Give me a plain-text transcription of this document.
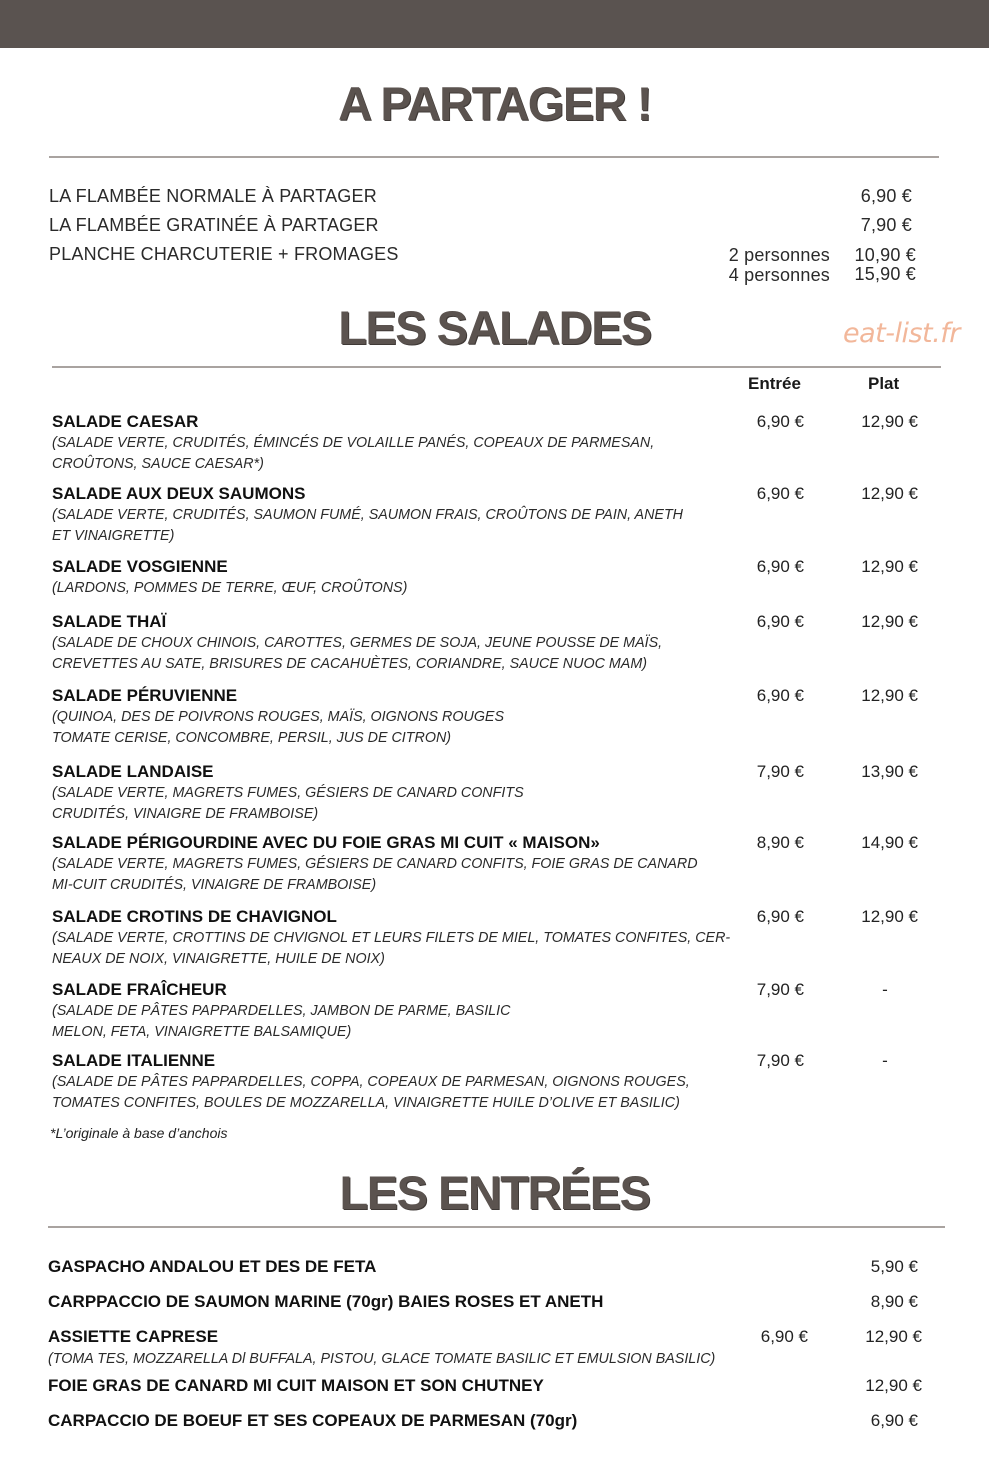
A PARTAGER !
LA FLAMBÉE NORMALE À PARTAGER	6,90 €
LA FLAMBÉE GRATINÉE À PARTAGER	7,90 €
PLANCHE CHARCUTERIE + FROMAGES	2 personnes	10,90 €
4 personnes	15,90 €
LES SALADES	eat-list.fr
Entrée	Plat
SALADE CAESAR
(SALADE VERTE, CRUDITÉS, ÉMINCÉS DE VOLAILLE PANÉS, COPEAUX DE PARMESAN,
CROÛTONS, SAUCE CAESAR*)
6,90 €	12,90 €
SALADE AUX DEUX SAUMONS
(SALADE VERTE, CRUDITÉS, SAUMON FUMÉ, SAUMON FRAIS, CROÛTONS DE PAIN, ANETH
ET VINAIGRETTE)
6,90 €	12,90 €
SALADE VOSGIENNE
(LARDONS, POMMES DE TERRE, ŒUF, CROÛTONS)
6,90 €	12,90 €
SALADE THAÏ
(SALADE DE CHOUX CHINOIS, CAROTTES, GERMES DE SOJA, JEUNE POUSSE DE MAÏS,
CREVETTES AU SATE, BRISURES DE CACAHUÈTES, CORIANDRE, SAUCE NUOC MAM)
6,90 €	12,90 €
SALADE PÉRUVIENNE
(QUINOA, DES DE POIVRONS ROUGES, MAÏS, OIGNONS ROUGES
TOMATE CERISE, CONCOMBRE, PERSIL, JUS DE CITRON)
6,90 €	12,90 €
SALADE LANDAISE
(SALADE VERTE, MAGRETS FUMES, GÉSIERS DE CANARD CONFITS
CRUDITÉS, VINAIGRE DE FRAMBOISE)
7,90 €	13,90 €
SALADE PÉRIGOURDINE AVEC DU FOIE GRAS MI CUIT « MAISON»
(SALADE VERTE, MAGRETS FUMES, GÉSIERS DE CANARD CONFITS, FOIE GRAS DE CANARD
MI-CUIT CRUDITÉS, VINAIGRE DE FRAMBOISE)
8,90 €	14,90 €
SALADE CROTINS DE CHAVIGNOL
(SALADE VERTE, CROTTINS DE CHVIGNOL ET LEURS FILETS DE MIEL, TOMATES CONFITES, CER-
NEAUX DE NOIX, VINAIGRETTE, HUILE DE NOIX)
6,90 €	12,90 €
SALADE FRAÎCHEUR
(SALADE DE PÂTES PAPPARDELLES, JAMBON DE PARME, BASILIC
MELON, FETA, VINAIGRETTE BALSAMIQUE)
7,90 €	-
SALADE ITALIENNE
(SALADE DE PÂTES PAPPARDELLES, COPPA, COPEAUX DE PARMESAN, OIGNONS ROUGES,
TOMATES CONFITES, BOULES DE MOZZARELLA, VINAIGRETTE HUILE D’OLIVE ET BASILIC)
7,90 €	-
*L’originale à base d’anchois
LES ENTRÉES
GASPACHO ANDALOU ET DES DE FETA	5,90 €
CARPPACCIO DE SAUMON MARINE (70gr) BAIES ROSES ET ANETH	8,90 €
ASSIETTE CAPRESE	6,90 €	12,90 €
(TOMA TES, MOZZARELLA Dl BUFFALA, PISTOU, GLACE TOMATE BASILIC ET EMULSION BASILIC)
FOIE GRAS DE CANARD Ml CUIT MAISON ET SON CHUTNEY	12,90 €
CARPACCIO DE BOEUF ET SES COPEAUX DE PARMESAN (70gr)	6,90 €
